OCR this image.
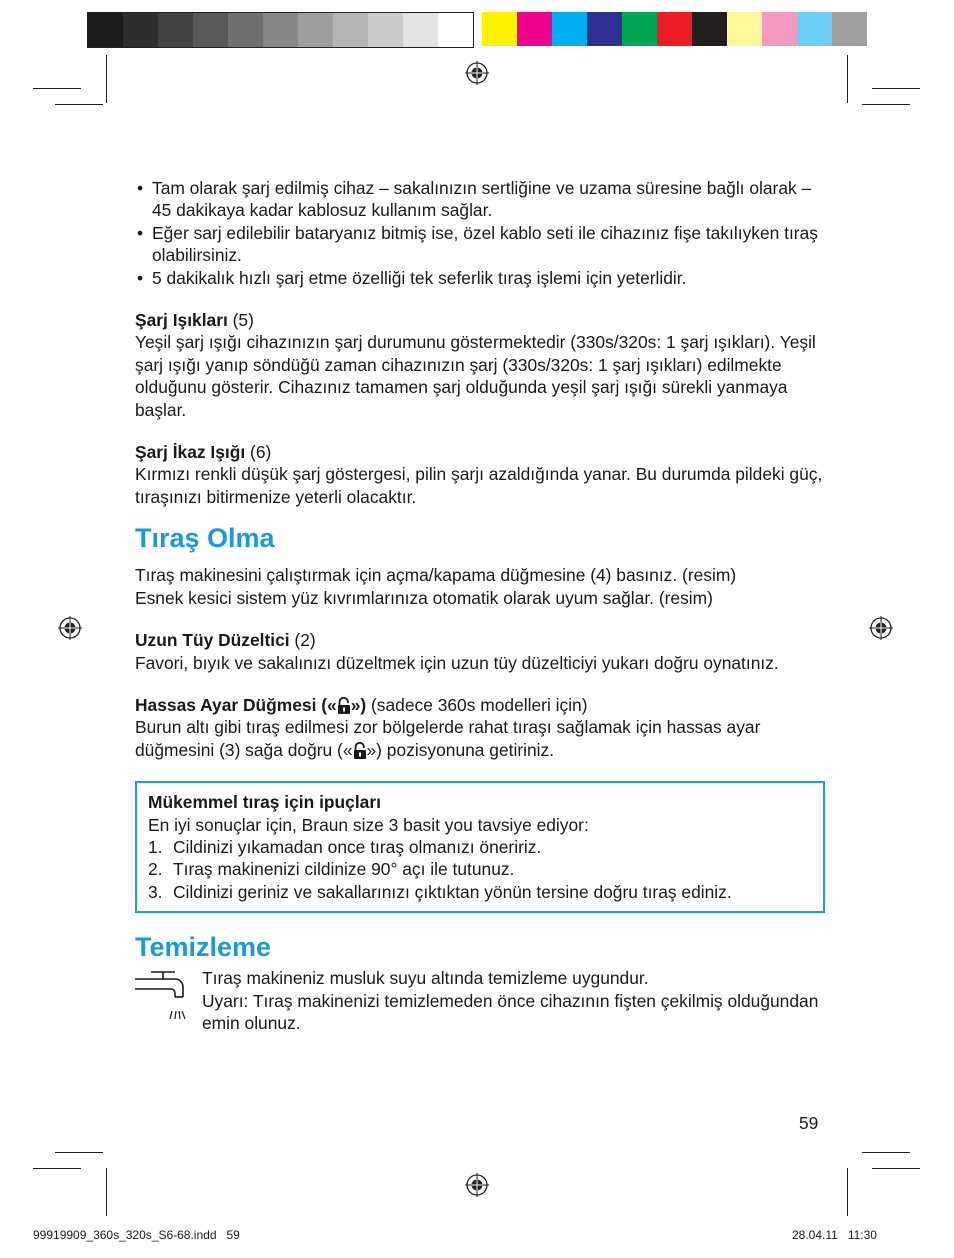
• Tam olarak şarj edilmiş cihaz – sakalınızın sertliğine ve uzama süresine bağlı olarak – 45 dakikaya kadar kablosuz kullanım sağlar.
• Eğer sarj edilebilir bataryanız bitmiş ise, özel kablo seti ile cihazınız fişe takılıyken tıraş olabilirsiniz.
• 5 dakikalık hızlı şarj etme özelliği tek seferlik tıraş işlemi için yeterlidir.
Şarj Işıkları (5)
Yeşil şarj ışığı cihazınızın şarj durumunu göstermektedir (330s/320s: 1 şarj ışıkları). Yeşil şarj ışığı yanıp söndüğü zaman cihazınızın şarj (330s/320s: 1 şarj ışıkları) edilmekte olduğunu gösterir. Cihazınız tamamen şarj olduğunda yeşil şarj ışığı sürekli yanmaya başlar.
Şarj İkaz Işığı (6)
Kırmızı renkli düşük şarj göstergesi, pilin şarjı azaldığında yanar. Bu durumda pildeki güç, tıraşınızı bitirmenize yeterli olacaktır.
Tıraş Olma
Tıraş makinesini çalıştırmak için açma/kapama düğmesine (4) basınız. (resim)
Esnek kesici sistem yüz kıvrımlarınıza otomatik olarak uyum sağlar. (resim)
Uzun Tüy Düzeltici (2)
Favori, bıyık ve sakalınızı düzeltmek için uzun tüy düzelticiyi yukarı doğru oynatınız.
Hassas Ayar Düğmesi (« ») (sadece 360s modelleri için)
Burun altı gibi tıraş edilmesi zor bölgelerde rahat tıraşı sağlamak için hassas ayar düğmesini (3) sağa doğru (« ») pozisyonuna getiriniz.
Mükemmel tıraş için ipuçları
En iyi sonuçlar için, Braun size 3 basit you tavsiye ediyor:
1. Cildinizi yıkamadan once tıraş olmanızı öneririz.
2. Tıraş makinenizi cildinize 90° açı ile tutunuz.
3. Cildinizi geriniz ve sakallarınızı çıktıktan yönün tersine doğru tıraş ediniz.
Temizleme
Tıraş makineniz musluk suyu altında temizleme uygundur.
Uyarı: Tıraş makinenizi temizlemeden önce cihazının fişten çekilmiş olduğundan emin olunuz.
59
99919909_360s_320s_S6-68.indd   59	28.04.11   11:30
